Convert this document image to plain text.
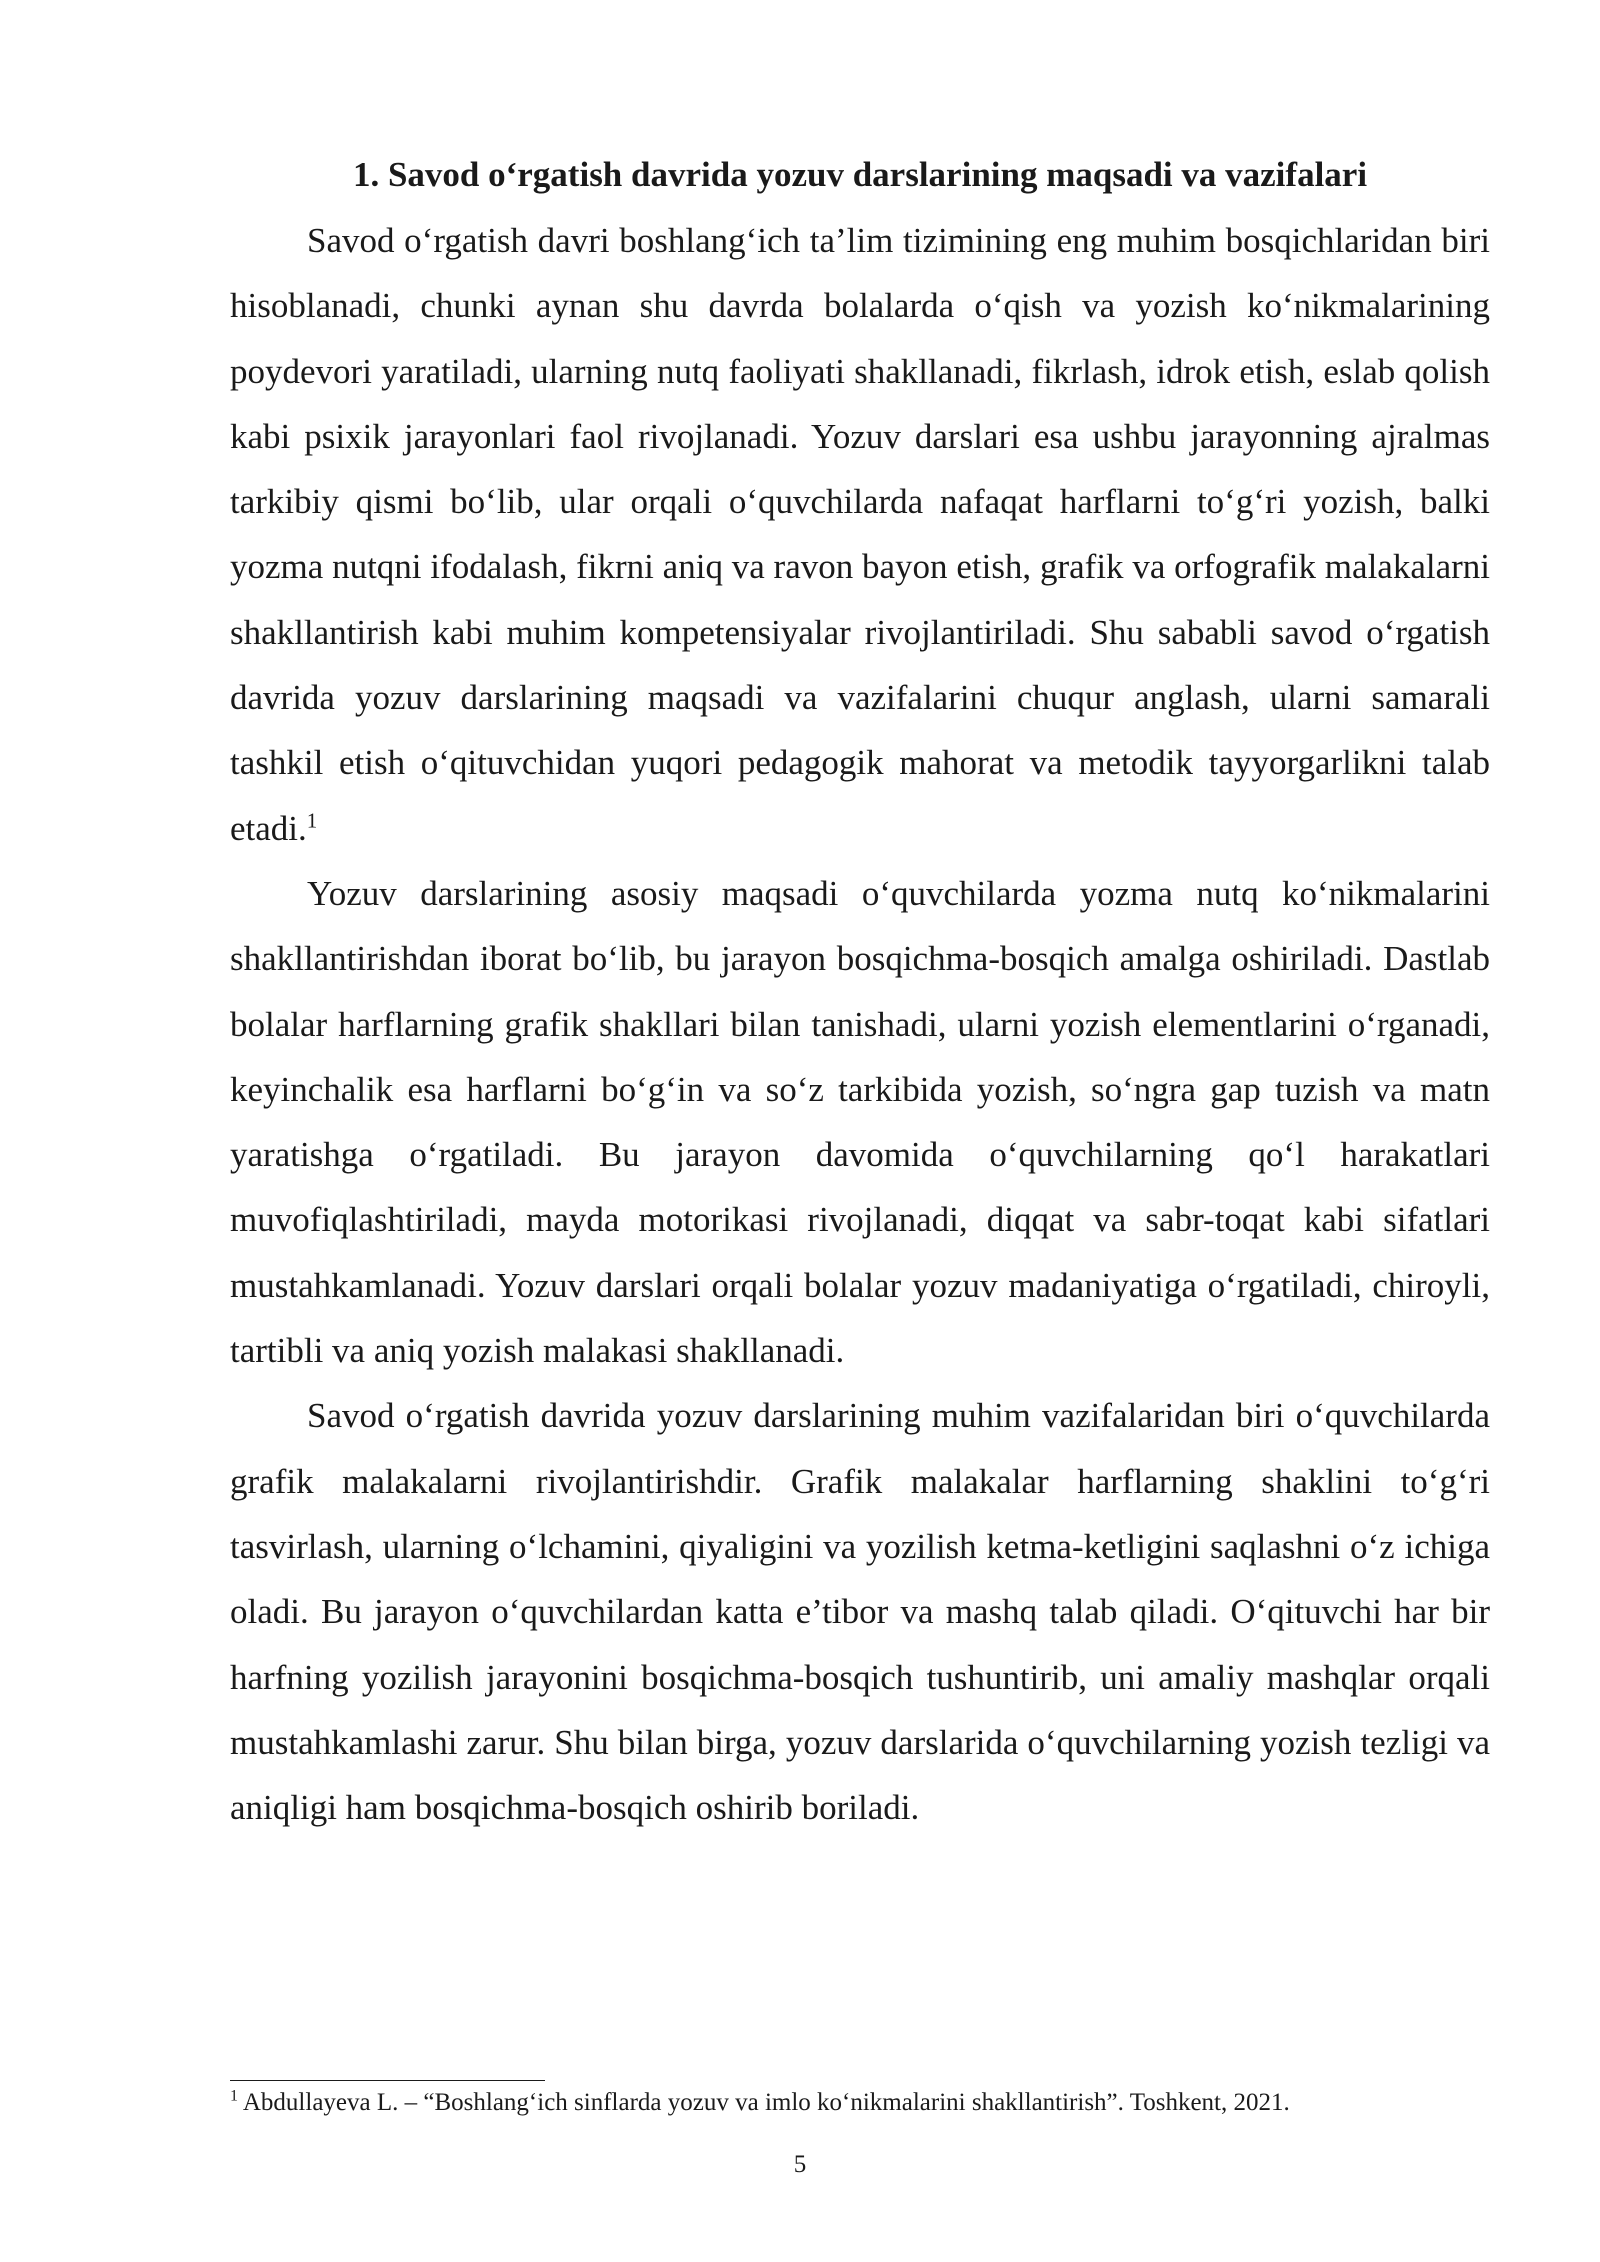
1. Savod o‘rgatish davrida yozuv darslarining maqsadi va vazifalari

Savod o‘rgatish davri boshlang‘ich ta’lim tizimining eng muhim bosqichlaridan biri hisoblanadi, chunki aynan shu davrda bolalarda o‘qish va yozish ko‘nikmalarining poydevori yaratiladi, ularning nutq faoliyati shakllanadi, fikrlash, idrok etish, eslab qolish kabi psixik jarayonlari faol rivojlanadi. Yozuv darslari esa ushbu jarayonning ajralmas tarkibiy qismi bo‘lib, ular orqali o‘quvchilarda nafaqat harflarni to‘g‘ri yozish, balki yozma nutqni ifodalash, fikrni aniq va ravon bayon etish, grafik va orfografik malakalarni shakllantirish kabi muhim kompetensiyalar rivojlantiriladi. Shu sababli savod o‘rgatish davrida yozuv darslarining maqsadi va vazifalarini chuqur anglash, ularni samarali tashkil etish o‘qituvchidan yuqori pedagogik mahorat va metodik tayyorgarlikni talab etadi.$^1$

Yozuv darslarining asosiy maqsadi o‘quvchilarda yozma nutq ko‘nikmalarini shakllantirishdan iborat bo‘lib, bu jarayon bosqichma-bosqich amalga oshiriladi. Dastlab bolalar harflarning grafik shakllari bilan tanishadi, ularni yozish elementlarini o‘rganadi, keyinchalik esa harflarni bo‘g‘in va so‘z tarkibida yozish, so‘ngra gap tuzish va matn yaratishga o‘rgatiladi. Bu jarayon davomida o‘quvchilarning qo‘l harakatlari muvofiqlashtiriladi, mayda motorikasi rivojlanadi, diqqat va sabr-toqat kabi sifatlari mustahkamlanadi. Yozuv darslari orqali bolalar yozuv madaniyatiga o‘rgatiladi, chiroyli, tartibli va aniq yozish malakasi shakllanadi.

Savod o‘rgatish davrida yozuv darslarining muhim vazifalaridan biri o‘quvchilarda grafik malakalarni rivojlantirishdir. Grafik malakalar harflarning shaklini to‘g‘ri tasvirlash, ularning o‘lchamini, qiyaligini va yozilish ketma-ketligini saqlashni o‘z ichiga oladi. Bu jarayon o‘quvchilardan katta e’tibor va mashq talab qiladi. O‘qituvchi har bir harfning yozilish jarayonini bosqichma-bosqich tushuntirib, uni amaliy mashqlar orqali mustahkamlashi zarur. Shu bilan birga, yozuv darslarida o‘quvchilarning yozish tezligi va aniqligi ham bosqichma-bosqich oshirib boriladi.

$^1$ Abdullayeva L. – “Boshlang‘ich sinflarda yozuv va imlo ko‘nikmalarini shakllantirish”. Toshkent, 2021.

5
